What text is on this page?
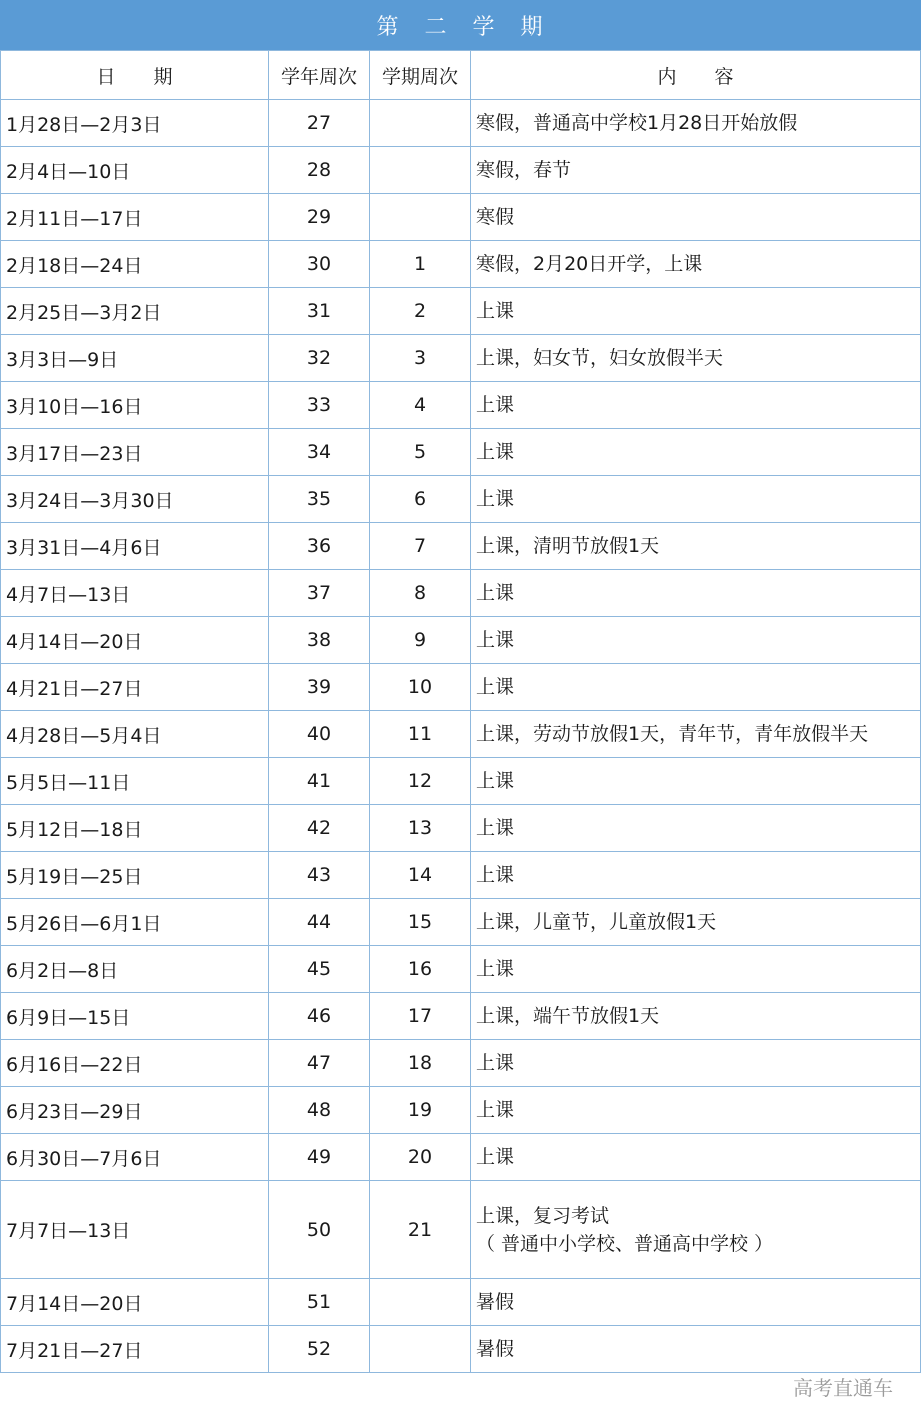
第　二　学　期
日　　期	学年周次	学期周次	内　　容
1月28日—2月3日	27		寒假，普通高中学校1月28日开始放假

2月4日—10日	28		寒假，春节

2月11日—17日	29		寒假

2月18日—24日	30	1	寒假，2月20日开学，上课

2月25日—3月2日	31	2	上课

3月3日—9日	32	3	上课，妇女节，妇女放假半天

3月10日—16日	33	4	上课

3月17日—23日	34	5	上课

3月24日—3月30日	35	6	上课

3月31日—4月6日	36	7	上课，清明节放假1天

4月7日—13日	37	8	上课

4月14日—20日	38	9	上课

4月21日—27日	39	10	上课

4月28日—5月4日	40	11	上课，劳动节放假1天，青年节，青年放假半天

5月5日—11日	41	12	上课

5月12日—18日	42	13	上课

5月19日—25日	43	14	上课

5月26日—6月1日	44	15	上课，儿童节，儿童放假1天

6月2日—8日	45	16	上课

6月9日—15日	46	17	上课，端午节放假1天

6月16日—22日	47	18	上课

6月23日—29日	48	19	上课

6月30日—7月6日	49	20	上课

7月7日—13日	50	21	上课，复习考试
（ 普通中小学校、普通高中学校 ）

7月14日—20日	51		暑假

7月21日—27日	52		暑假
高考直通车
